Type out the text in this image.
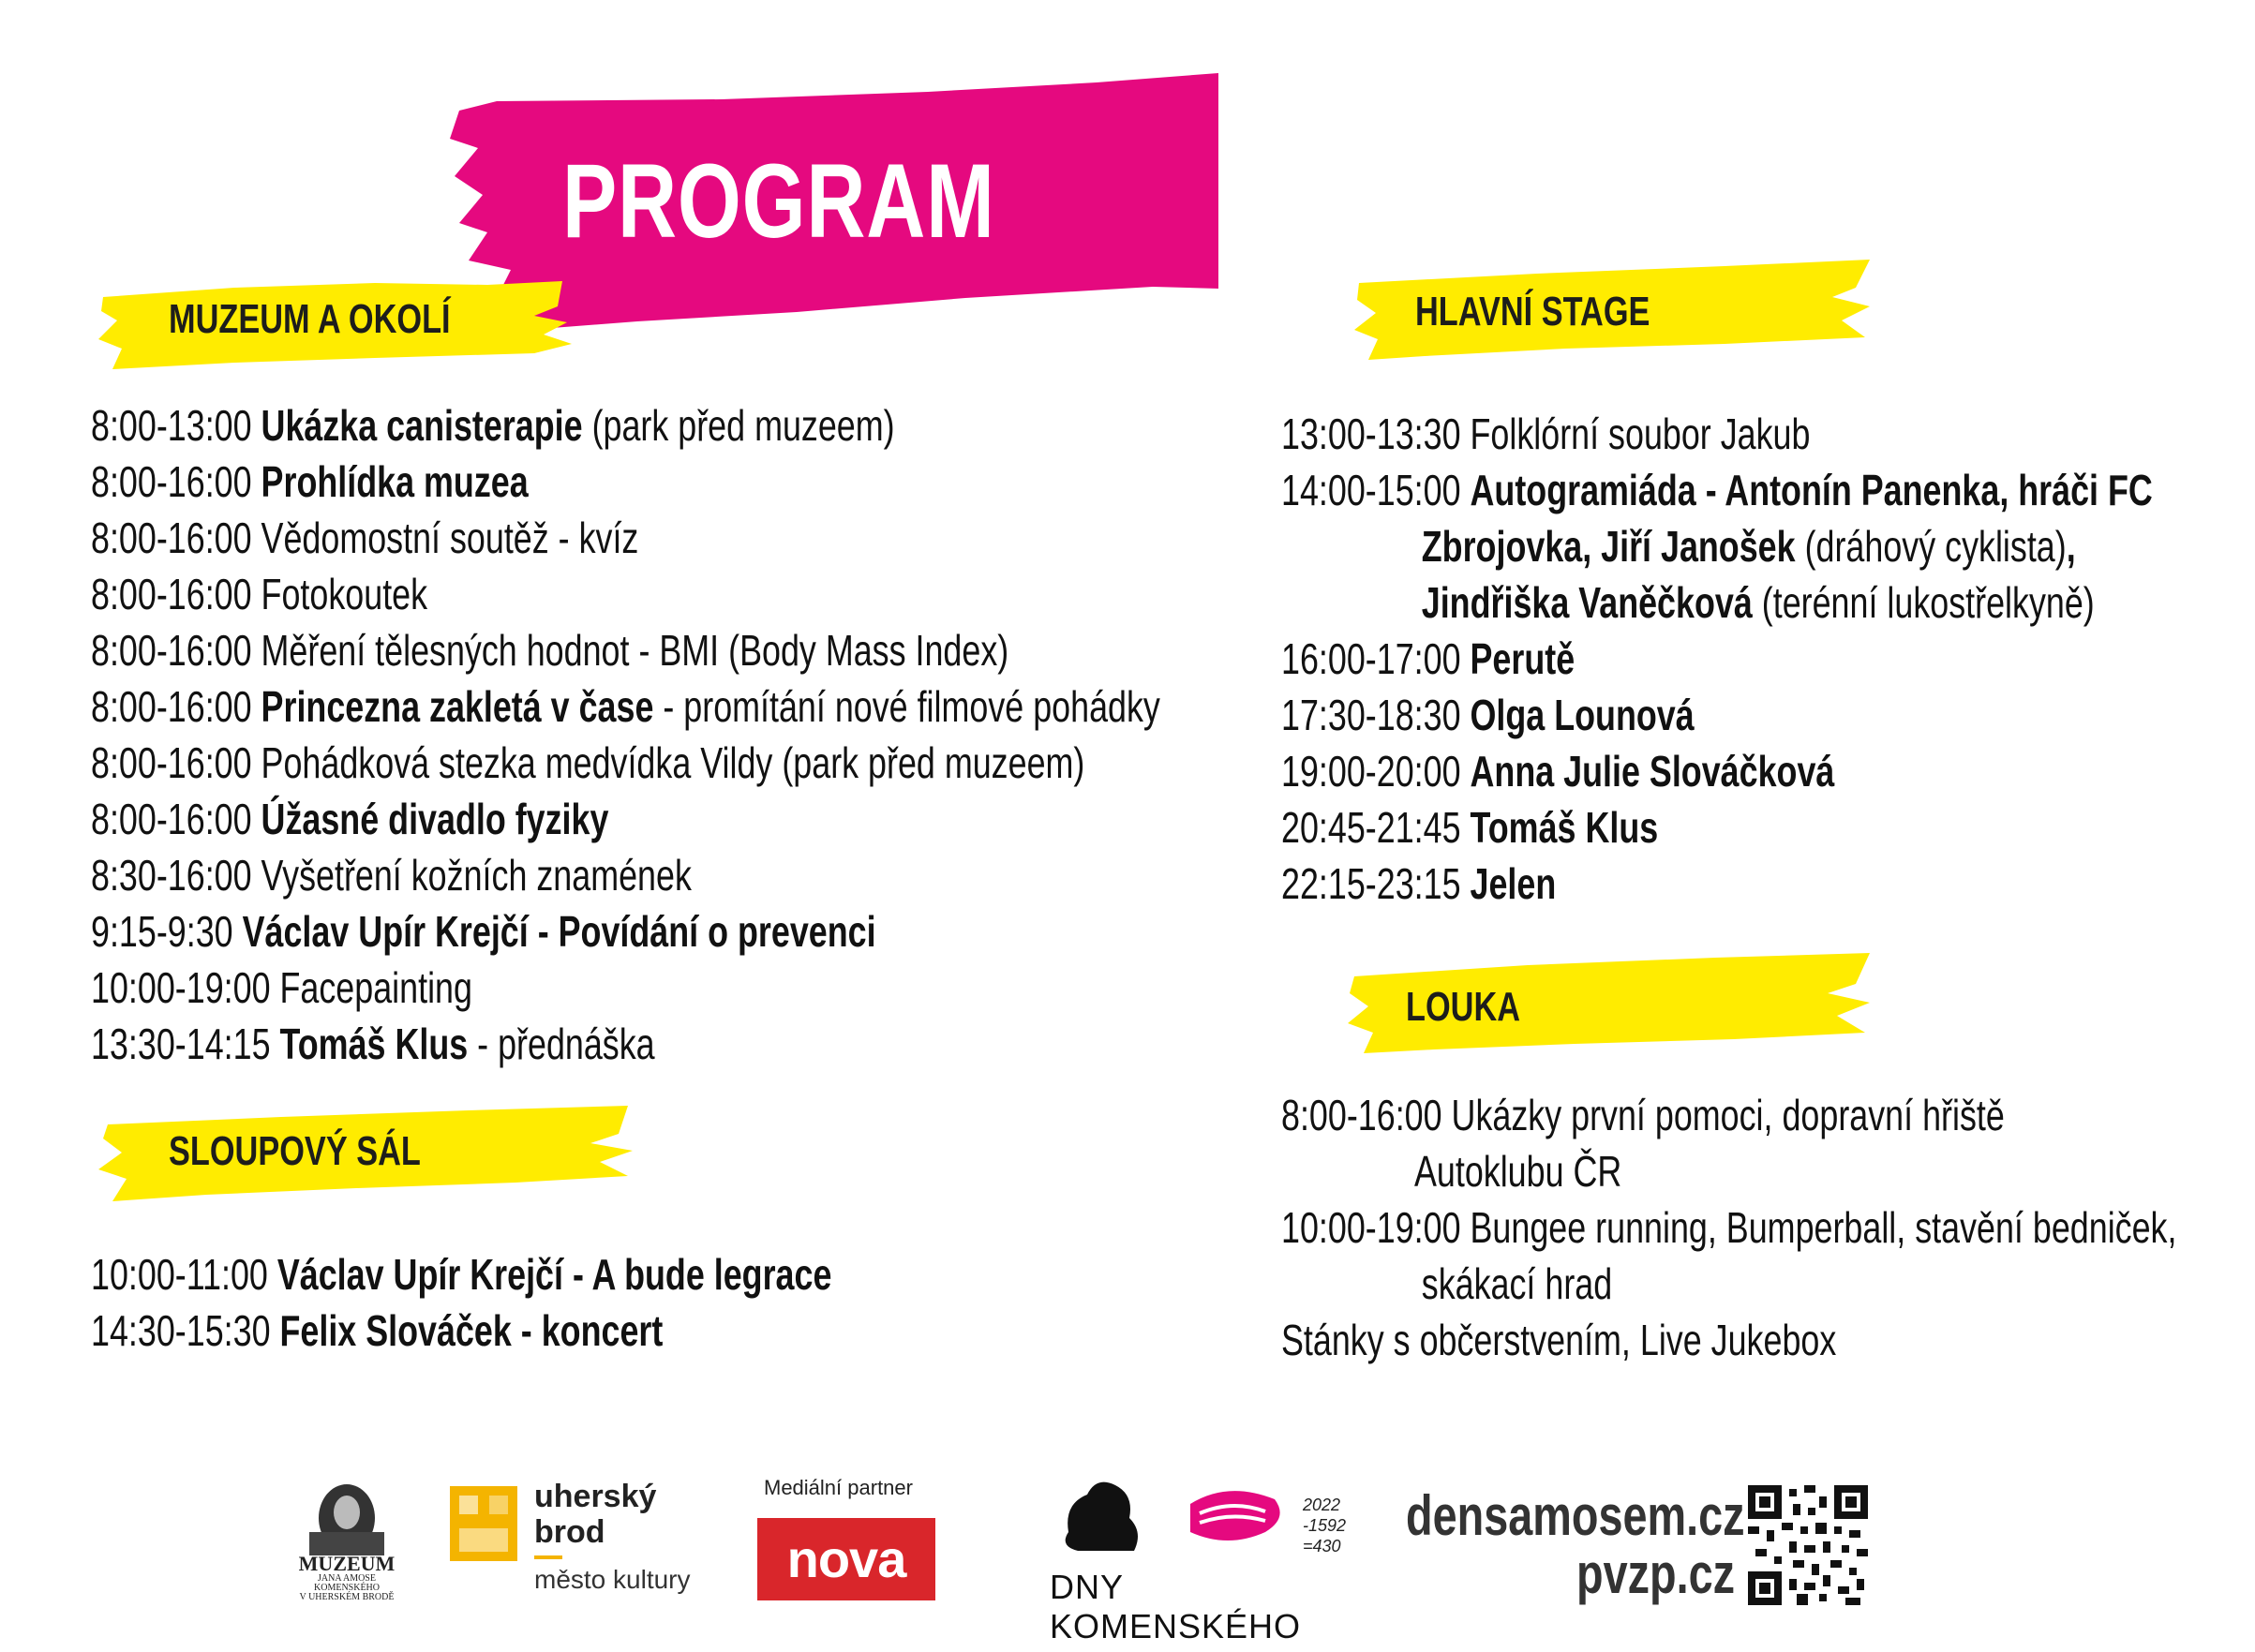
PROGRAM
MUZEUM A OKOLÍ
8:00-13:00 Ukázka canisterapie (park před muzeem)
8:00-16:00 Prohlídka muzea
8:00-16:00 Vědomostní soutěž - kvíz
8:00-16:00 Fotokoutek
8:00-16:00 Měření tělesných hodnot - BMI (Body Mass Index)
8:00-16:00 Princezna zakletá v čase - promítání nové filmové pohádky
8:00-16:00 Pohádková stezka medvídka Vildy (park před muzeem)
8:00-16:00 Úžasné divadlo fyziky
8:30-16:00 Vyšetření kožních znamének
9:15-9:30 Václav Upír Krejčí - Povídání o prevenci
10:00-19:00 Facepainting
13:30-14:15 Tomáš Klus - přednáška
SLOUPOVÝ SÁL
10:00-11:00 Václav Upír Krejčí - A bude legrace
14:30-15:30 Felix Slováček - koncert
HLAVNÍ STAGE
13:00-13:30 Folklórní soubor Jakub
14:00-15:00 Autogramiáda - Antonín Panenka, hráči FC
Zbrojovka, Jiří Janošek (dráhový cyklista),
Jindřiška Vaněčková (terénní lukostřelkyně)
16:00-17:00 Perutě
17:30-18:30 Olga Lounová
19:00-20:00 Anna Julie Slováčková
20:45-21:45 Tomáš Klus
22:15-23:15 Jelen
LOUKA
8:00-16:00 Ukázky první pomoci, dopravní hřiště
Autoklubu ČR
10:00-19:00 Bungee running, Bumperball, stavění bedniček,
skákací hrad
Stánky s občerstvením, Live Jukebox
MUZEUM
JANA AMOSE
KOMENSKÉHO
V UHERSKÉM BRODĚ
uherský
brod
město kultury
Mediální partner
nova
2022
-1592
=430
DNY KOMENSKÉHO
densamosem.cz
pvzp.cz
